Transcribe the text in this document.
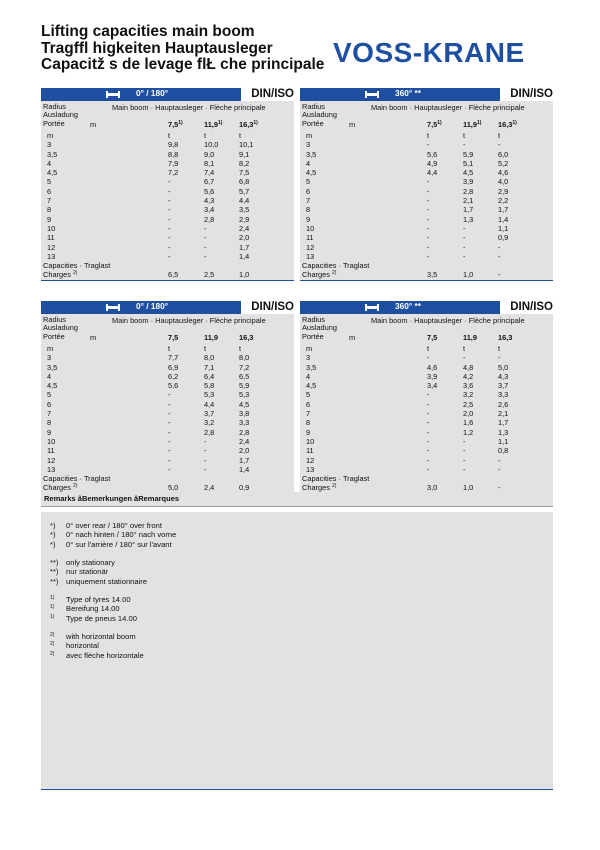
Lifting capacities main boom
Tragfﬂ higkeiten Hauptausleger
Capacitž s de levage flŁ che principale VOSS-KRANE
0° / 180°	DIN/ISO
Radius
Ausladung
Portée
Main boom · Hauptausleger · Flèche principale
m	7,5$^{1)}$	11,9$^{1)}$ 16,3$^{1)}$
m	t	t	t
3	9,8	10,0	10,1
3,5	8,8	9,0	9,1
4	7,9	8,1	8,2
4,5	7,2	7,4	7,5
5	-	6,7	6,8
6	-	5,6	5,7
7	-	4,3	4,4
8	-	3,4	3,5
9	-	2,8	2,9
10	-	-	2,4
11	-	-	2,0
12	-	-	1,7
13	-	-	1,4
Capacities · Traglast
Charges $^{2)}$	6,5	2,5	1,0
360° **	DIN/ISO
Radius
Ausladung
Portée
Main boom · Hauptausleger · Flèche principale
m	7,5$^{1)}$	11,9$^{1)}$ 16,3$^{1)}$
m	t	t	t
3	-	-	-
3,5	5,6	5,9	6,0
4	4,9	5,1	5,2
4,5	4,4	4,5	4,6
5	-	3,9	4,0
6	-	2,8	2,9
7	-	2,1	2,2
8	-	1,7	1,7
9	-	1,3	1,4
10	-	-	1,1
11	-	-	0,9
12	-	-	-
13	-	-	-
Capacities · Traglast
Charges $^{2)}$	3,5	1,0	-
0° / 180°	DIN/ISO
Radius
Ausladung
Portée
Main boom · Hauptausleger · Flèche principale
m	7,5	11,9	16,3
m	t	t	t
3	7,7	8,0	8,0
3,5	6,9	7,1	7,2
4	6,2	6,4	6,5
4,5	5,6	5,8	5,9
5	-	5,3	5,3
6	-	4,4	4,5
7	-	3,7	3,8
8	-	3,2	3,3
9	-	2,8	2,8
10	-	-	2,4
11	-	-	2,0
12	-	-	1,7
13	-	-	1,4
Capacities · Traglast
Charges $^{2)}$	5,0	2,4	0,9
360° **	DIN/ISO
Radius
Ausladung
Portée
Main boom · Hauptausleger · Flèche principale
m	7,5	11,9	16,3
m	t	t	t
3	-	-	-
3,5	4,6	4,8	5,0
4	3,9	4,2	4,3
4,5	3,4	3,6	3,7
5	-	3,2	3,3
6	-	2,5	2,6
7	-	2,0	2,1
8	-	1,6	1,7
9	-	1,2	1,3
10	-	-	1,1
11	-	-	0,8
12	-	-	-
13	-	-	-
Capacities · Traglast
Charges $^{2)}$	3,0	1,0	-
Remarks âBemerkungen âRemarques
*) 0° over rear / 180° over front
*) 0° nach hinten / 180° nach vorne
*) 0° sur l'arrière / 180° sur l'avant
**) only stationary
**) nur stationär
**) uniquement stationnaire
1) Type of tyres 14.00
1) Bereifung 14.00
1) Type de pneus 14.00
2) with horizontal boom
2) horizontal
2) avec flèche horizontale
